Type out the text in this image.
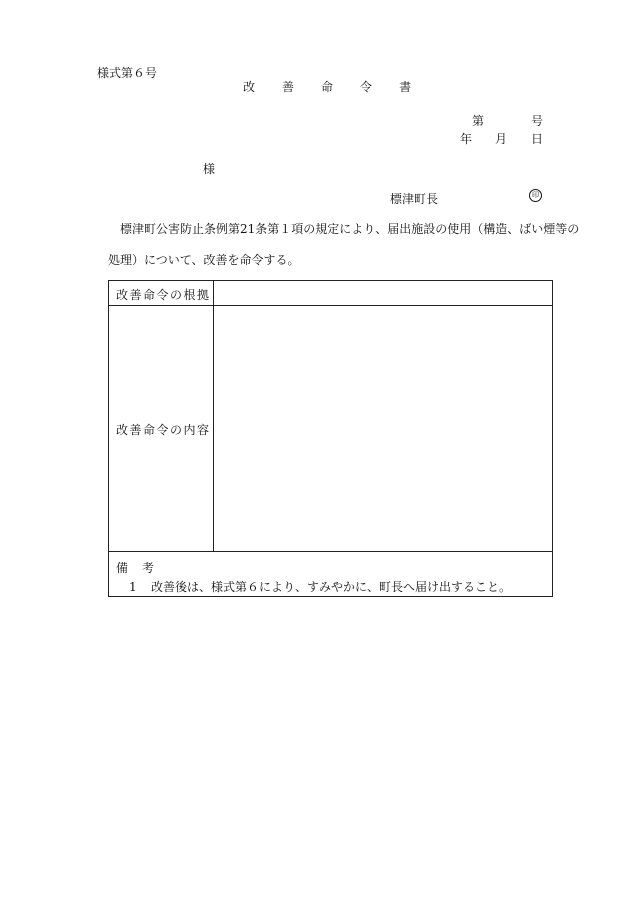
様式第６号
改 善 命 令 書
第	号
年 月 日
様
標津町長	印
　標津町公害防止条例第21条第１項の規定により、届出施設の使用（構造、ばい煙等の
処理）について、改善を命令する。
改善命令の根拠
改善命令の内容
備 考
1 改善後は、様式第６により、すみやかに、町長へ届け出すること。
